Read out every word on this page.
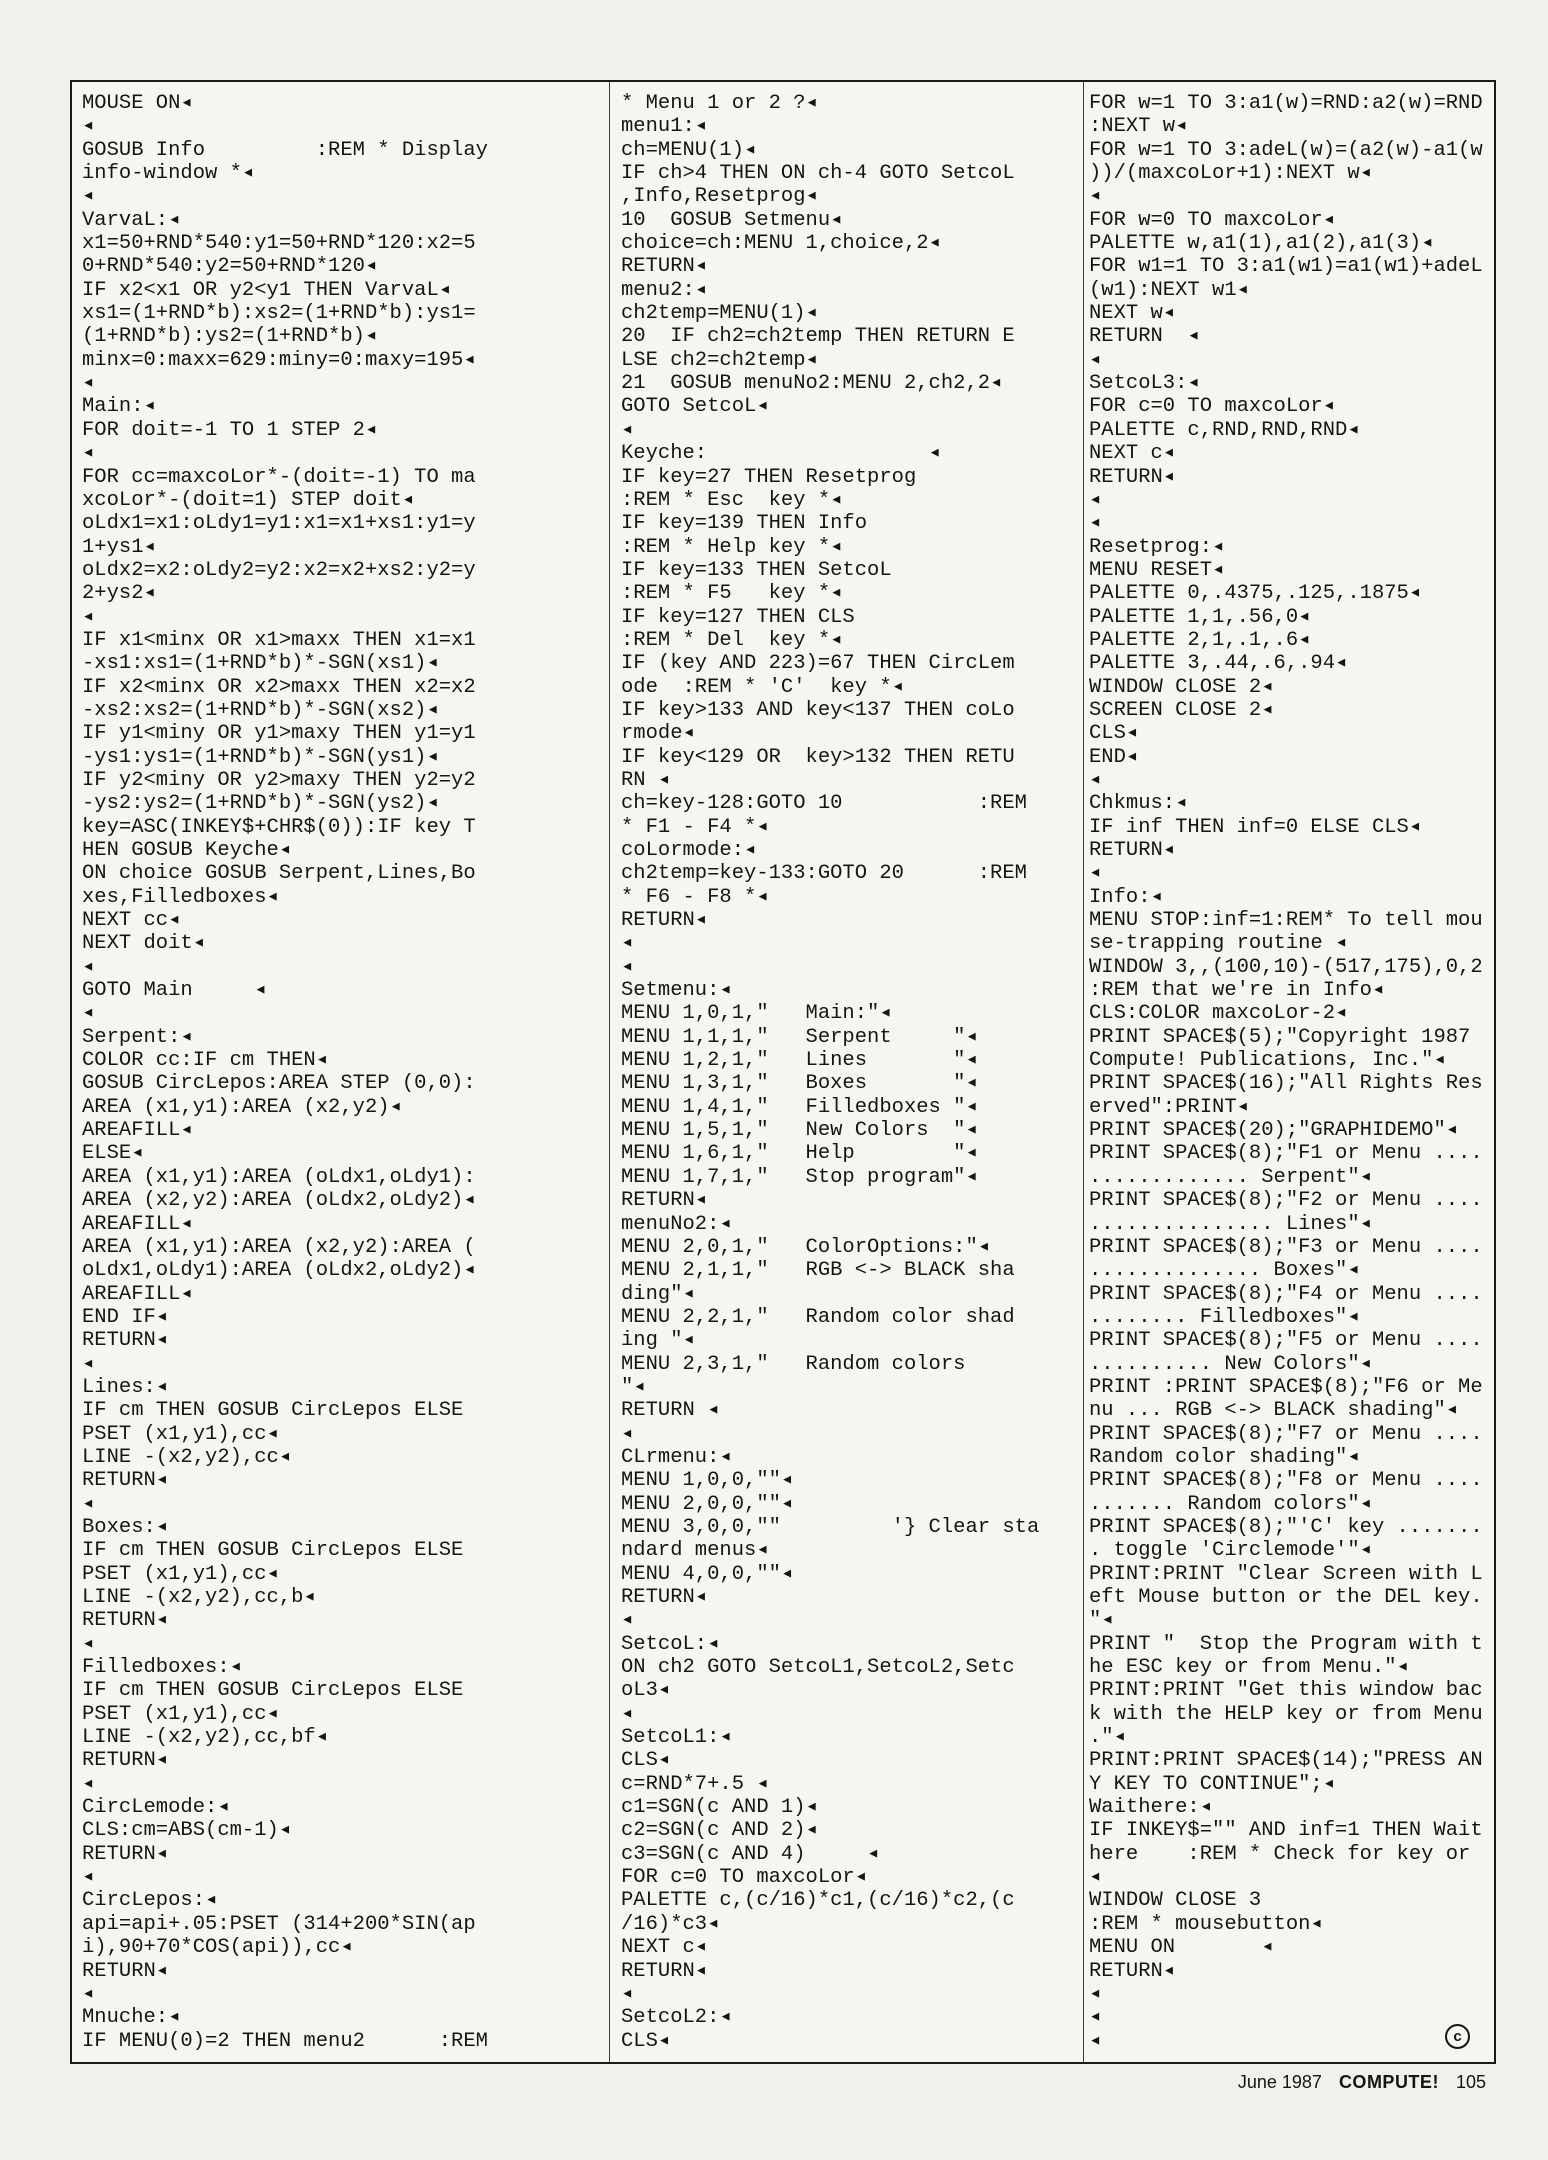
MOUSE ON◂
◂
GOSUB Info         :REM * Display
info-window *◂
◂
VarvaL:◂
x1=50+RND*540:y1=50+RND*120:x2=5
0+RND*540:y2=50+RND*120◂
IF x2<x1 OR y2<y1 THEN VarvaL◂
xs1=(1+RND*b):xs2=(1+RND*b):ys1=
(1+RND*b):ys2=(1+RND*b)◂
minx=0:maxx=629:miny=0:maxy=195◂
◂
Main:◂
FOR doit=-1 TO 1 STEP 2◂
◂
FOR cc=maxcoLor*-(doit=-1) TO ma
xcoLor*-(doit=1) STEP doit◂
oLdx1=x1:oLdy1=y1:x1=x1+xs1:y1=y
1+ys1◂
oLdx2=x2:oLdy2=y2:x2=x2+xs2:y2=y
2+ys2◂
◂
IF x1<minx OR x1>maxx THEN x1=x1
-xs1:xs1=(1+RND*b)*-SGN(xs1)◂
IF x2<minx OR x2>maxx THEN x2=x2
-xs2:xs2=(1+RND*b)*-SGN(xs2)◂
IF y1<miny OR y1>maxy THEN y1=y1
-ys1:ys1=(1+RND*b)*-SGN(ys1)◂
IF y2<miny OR y2>maxy THEN y2=y2
-ys2:ys2=(1+RND*b)*-SGN(ys2)◂
key=ASC(INKEY$+CHR$(0)):IF key T
HEN GOSUB Keyche◂
ON choice GOSUB Serpent,Lines,Bo
xes,Filledboxes◂
NEXT cc◂
NEXT doit◂
◂
GOTO Main     ◂
◂
Serpent:◂
COLOR cc:IF cm THEN◂
GOSUB CircLepos:AREA STEP (0,0):
AREA (x1,y1):AREA (x2,y2)◂
AREAFILL◂
ELSE◂
AREA (x1,y1):AREA (oLdx1,oLdy1):
AREA (x2,y2):AREA (oLdx2,oLdy2)◂
AREAFILL◂
AREA (x1,y1):AREA (x2,y2):AREA (
oLdx1,oLdy1):AREA (oLdx2,oLdy2)◂
AREAFILL◂
END IF◂
RETURN◂
◂
Lines:◂
IF cm THEN GOSUB CircLepos ELSE
PSET (x1,y1),cc◂
LINE -(x2,y2),cc◂
RETURN◂
◂
Boxes:◂
IF cm THEN GOSUB CircLepos ELSE
PSET (x1,y1),cc◂
LINE -(x2,y2),cc,b◂
RETURN◂
◂
Filledboxes:◂
IF cm THEN GOSUB CircLepos ELSE
PSET (x1,y1),cc◂
LINE -(x2,y2),cc,bf◂
RETURN◂
◂
CircLemode:◂
CLS:cm=ABS(cm-1)◂
RETURN◂
◂
CircLepos:◂
api=api+.05:PSET (314+200*SIN(ap
i),90+70*COS(api)),cc◂
RETURN◂
◂
Mnuche:◂
IF MENU(0)=2 THEN menu2      :REM
* Menu 1 or 2 ?◂
menu1:◂
ch=MENU(1)◂
IF ch>4 THEN ON ch-4 GOTO SetcoL
,Info,Resetprog◂
10  GOSUB Setmenu◂
choice=ch:MENU 1,choice,2◂
RETURN◂
menu2:◂
ch2temp=MENU(1)◂
20  IF ch2=ch2temp THEN RETURN E
LSE ch2=ch2temp◂
21  GOSUB menuNo2:MENU 2,ch2,2◂
GOTO SetcoL◂
◂
Keyche:                  ◂
IF key=27 THEN Resetprog
:REM * Esc  key *◂
IF key=139 THEN Info
:REM * Help key *◂
IF key=133 THEN SetcoL
:REM * F5   key *◂
IF key=127 THEN CLS
:REM * Del  key *◂
IF (key AND 223)=67 THEN CircLem
ode  :REM * 'C'  key *◂
IF key>133 AND key<137 THEN coLo
rmode◂
IF key<129 OR  key>132 THEN RETU
RN ◂
ch=key-128:GOTO 10           :REM
* F1 - F4 *◂
coLormode:◂
ch2temp=key-133:GOTO 20      :REM
* F6 - F8 *◂
RETURN◂
◂
◂
Setmenu:◂
MENU 1,0,1,"   Main:"◂
MENU 1,1,1,"   Serpent     "◂
MENU 1,2,1,"   Lines       "◂
MENU 1,3,1,"   Boxes       "◂
MENU 1,4,1,"   Filledboxes "◂
MENU 1,5,1,"   New Colors  "◂
MENU 1,6,1,"   Help        "◂
MENU 1,7,1,"   Stop program"◂
RETURN◂
menuNo2:◂
MENU 2,0,1,"   ColorOptions:"◂
MENU 2,1,1,"   RGB <-> BLACK sha
ding"◂
MENU 2,2,1,"   Random color shad
ing "◂
MENU 2,3,1,"   Random colors
"◂
RETURN ◂
◂
CLrmenu:◂
MENU 1,0,0,""◂
MENU 2,0,0,""◂
MENU 3,0,0,""         '} Clear sta
ndard menus◂
MENU 4,0,0,""◂
RETURN◂
◂
SetcoL:◂
ON ch2 GOTO SetcoL1,SetcoL2,Setc
oL3◂
◂
SetcoL1:◂
CLS◂
c=RND*7+.5 ◂
c1=SGN(c AND 1)◂
c2=SGN(c AND 2)◂
c3=SGN(c AND 4)     ◂
FOR c=0 TO maxcoLor◂
PALETTE c,(c/16)*c1,(c/16)*c2,(c
/16)*c3◂
NEXT c◂
RETURN◂
◂
SetcoL2:◂
CLS◂
FOR w=1 TO 3:a1(w)=RND:a2(w)=RND
:NEXT w◂
FOR w=1 TO 3:adeL(w)=(a2(w)-a1(w
))/(maxcoLor+1):NEXT w◂
◂
FOR w=0 TO maxcoLor◂
PALETTE w,a1(1),a1(2),a1(3)◂
FOR w1=1 TO 3:a1(w1)=a1(w1)+adeL
(w1):NEXT w1◂
NEXT w◂
RETURN  ◂
◂
SetcoL3:◂
FOR c=0 TO maxcoLor◂
PALETTE c,RND,RND,RND◂
NEXT c◂
RETURN◂
◂
◂
Resetprog:◂
MENU RESET◂
PALETTE 0,.4375,.125,.1875◂
PALETTE 1,1,.56,0◂
PALETTE 2,1,.1,.6◂
PALETTE 3,.44,.6,.94◂
WINDOW CLOSE 2◂
SCREEN CLOSE 2◂
CLS◂
END◂
◂
Chkmus:◂
IF inf THEN inf=0 ELSE CLS◂
RETURN◂
◂
Info:◂
MENU STOP:inf=1:REM* To tell mou
se-trapping routine ◂
WINDOW 3,,(100,10)-(517,175),0,2
:REM that we're in Info◂
CLS:COLOR maxcoLor-2◂
PRINT SPACE$(5);"Copyright 1987
Compute! Publications, Inc."◂
PRINT SPACE$(16);"All Rights Res
erved":PRINT◂
PRINT SPACE$(20);"GRAPHIDEMO"◂
PRINT SPACE$(8);"F1 or Menu ....
............. Serpent"◂
PRINT SPACE$(8);"F2 or Menu ....
............... Lines"◂
PRINT SPACE$(8);"F3 or Menu ....
.............. Boxes"◂
PRINT SPACE$(8);"F4 or Menu ....
........ Filledboxes"◂
PRINT SPACE$(8);"F5 or Menu ....
.......... New Colors"◂
PRINT :PRINT SPACE$(8);"F6 or Me
nu ... RGB <-> BLACK shading"◂
PRINT SPACE$(8);"F7 or Menu ....
Random color shading"◂
PRINT SPACE$(8);"F8 or Menu ....
....... Random colors"◂
PRINT SPACE$(8);"'C' key .......
. toggle 'Circlemode'"◂
PRINT:PRINT "Clear Screen with L
eft Mouse button or the DEL key.
"◂
PRINT "  Stop the Program with t
he ESC key or from Menu."◂
PRINT:PRINT "Get this window bac
k with the HELP key or from Menu
."◂
PRINT:PRINT SPACE$(14);"PRESS AN
Y KEY TO CONTINUE";◂
Waithere:◂
IF INKEY$="" AND inf=1 THEN Wait
here    :REM * Check for key or
◂
WINDOW CLOSE 3
:REM * mousebutton◂
MENU ON       ◂
RETURN◂
◂
◂
◂	c
June 1987 COMPUTE! 105
